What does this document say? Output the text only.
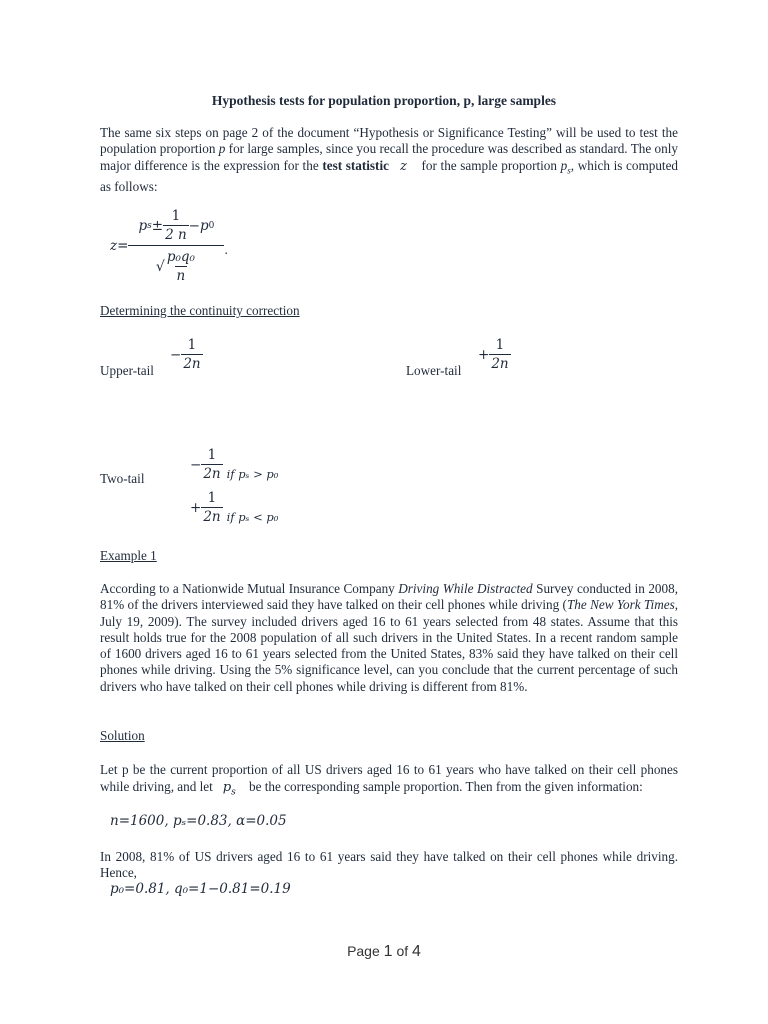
Hypothesis tests for population proportion, p, large samples
The same six steps on page 2 of the document “Hypothesis or Significance Testing” will be used to test the population proportion p for large samples, since you recall the procedure was described as standard. The only major difference is the expression for the test statistic z    for the sample proportion $p_s$, which is computed as follows:
z=
p $s \pm \frac{1}{2 n} -p$ 0
√ $\frac{\text{p₀q₀}}{n}$ .
Determining the continuity correction
Upper-tail
− $\frac{1}{2n}$	Lower-tail
+ $\frac{1}{2n}$
Two-tail
− $\frac{1}{2n}$ if pₛ > p₀
+ $\frac{1}{2n}$ if pₛ < p₀
Example 1
According to a Nationwide Mutual Insurance Company Driving While Distracted Survey conducted in 2008, 81% of the drivers interviewed said they have talked on their cell phones while driving (The New York Times, July 19, 2009). The survey included drivers aged 16 to 61 years selected from 48 states. Assume that this result holds true for the 2008 population of all such drivers in the United States. In a recent random sample of 1600 drivers aged 16 to 61 years selected from the United States, 83% said they have talked on their cell phones while driving. Using the 5% significance level, can you conclude that the current percentage of such drivers who have talked on their cell phones while driving is different from 81%.
Solution
Let p be the current proportion of all US drivers aged 16 to 61 years who have talked on their cell phones while driving, and let   $p_s$    be the corresponding sample proportion. Then from the given information:
n=1600, pₛ=0.83, α=0.05
In 2008, 81% of US drivers aged 16 to 61 years said they have talked on their cell phones while driving. Hence,
p₀=0.81, q₀=1−0.81=0.19
Page 1 of 4
